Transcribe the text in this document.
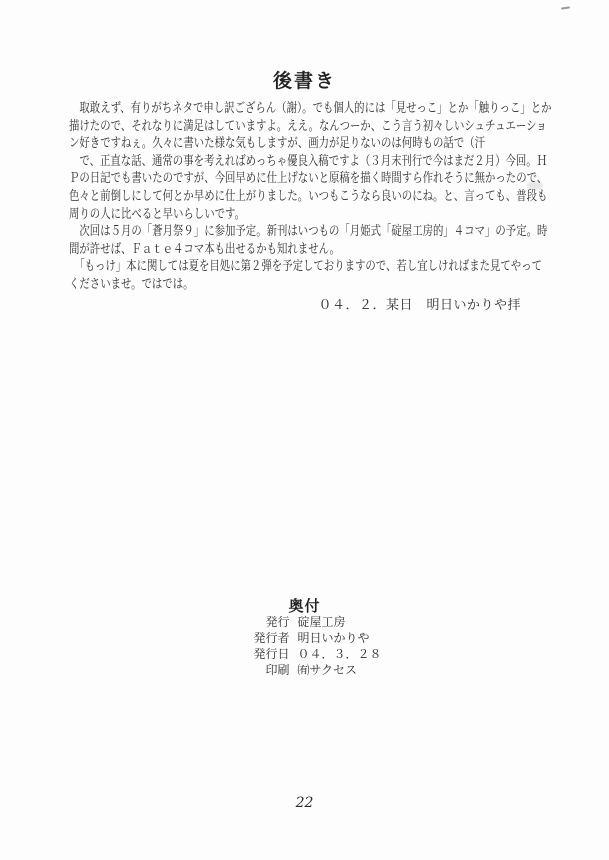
後書き
　取敢えず、有りがちネタで申し訳ござらん（謝）。でも個人的には「見せっこ」とか「触りっこ」とか
描けたので、それなりに満足はしていますよ。ええ。なんつーか、こう言う初々しいシュチュエーショ
ン好きですねぇ。久々に書いた様な気もしますが、画力が足りないのは何時もの話で（汗
　で、正直な話、通常の事を考えればめっちゃ優良入稿ですよ（３月末刊行で今はまだ２月）今回。Ｈ
Ｐの日記でも書いたのですが、今回早めに仕上げないと原稿を描く時間すら作れそうに無かったので、
色々と前倒しにして何とか早めに仕上がりました。いつもこうなら良いのにね。と、言っても、普段も
周りの人に比べると早いらしいです。
　次回は５月の「蒼月祭９」に参加予定。新刊はいつもの「月姫式「碇屋工房的」４コマ」の予定。時
間が許せば、Ｆａｔｅ４コマ本も出せるかも知れません。
　「もっけ」本に関しては夏を目処に第２弾を予定しておりますので、若し宜しければまた見てやって
くださいませ。ではでは。
０４．２．某日　明日いかりや拝
奥付
発行 碇屋工房
発行者 明日いかりや
発行日 ０４．３．２８
印刷 ㈲サクセス
22
